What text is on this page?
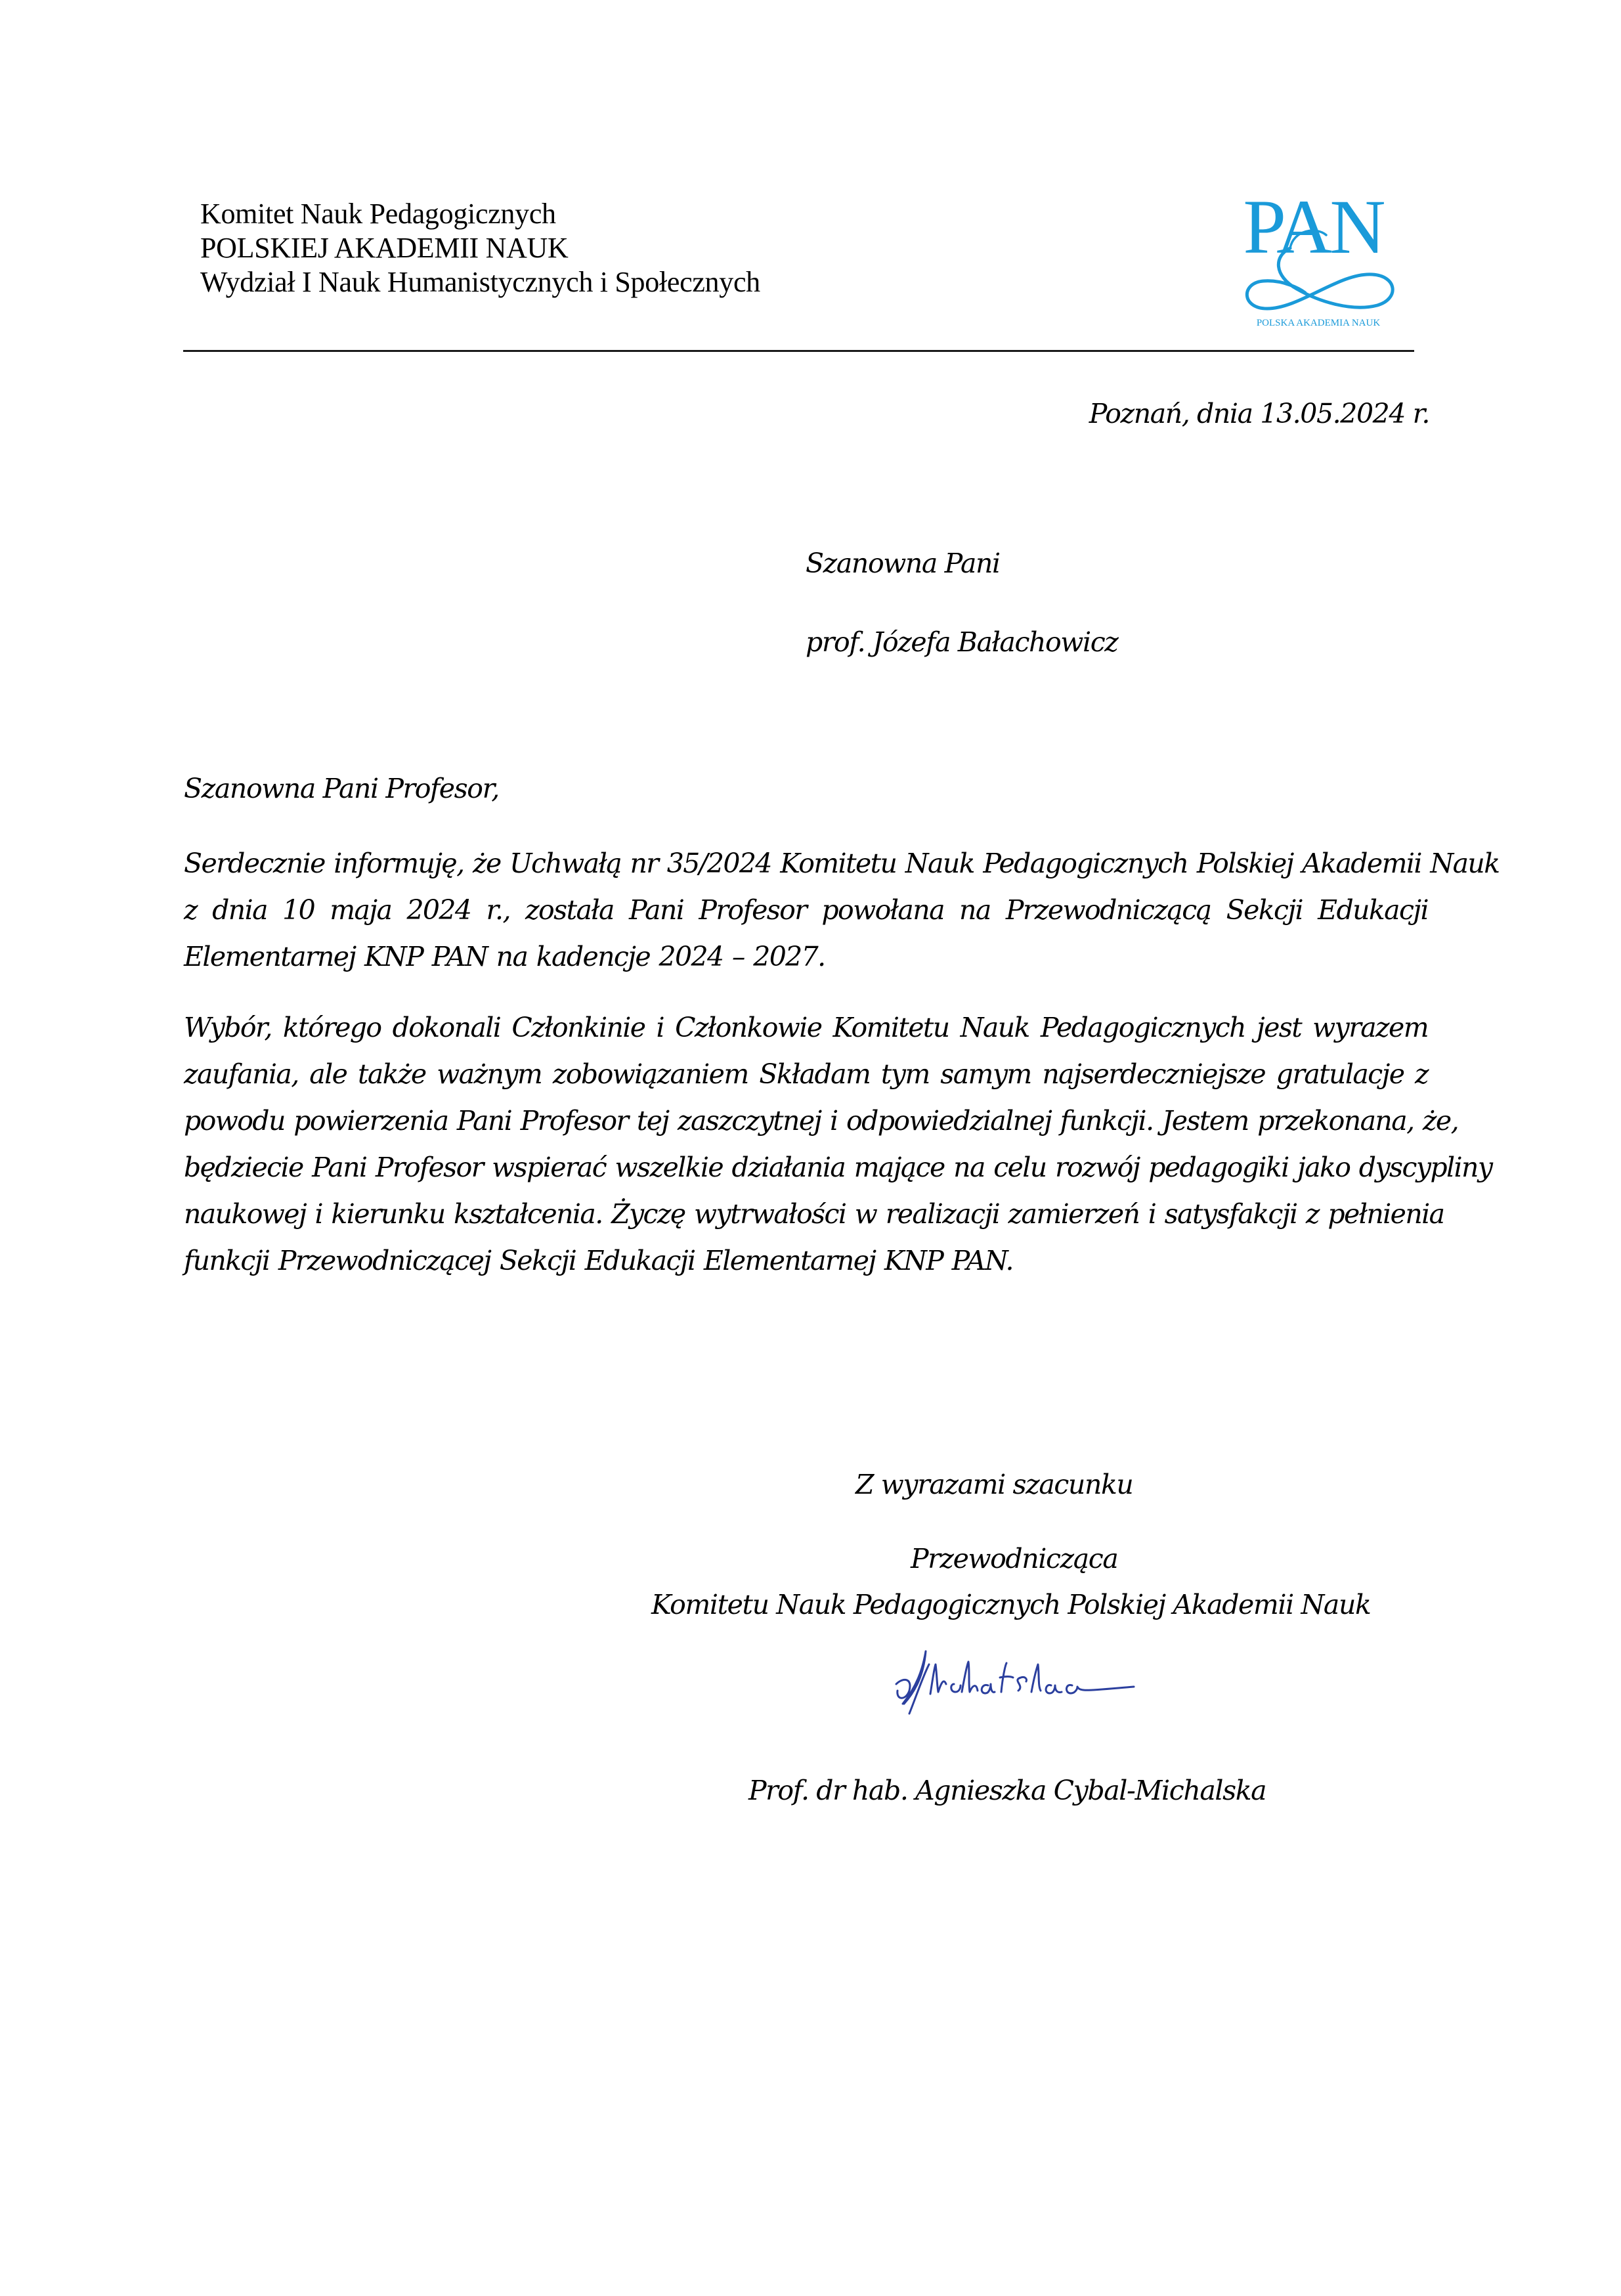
Komitet Nauk Pedagogicznych
POLSKIEJ AKADEMII NAUK
Wydział I Nauk Humanistycznych i Społecznych
PAN
POLSKA AKADEMIA NAUK
Poznań, dnia 13.05.2024 r.
Szanowna Pani
prof. Józefa Bałachowicz
Szanowna Pani Profesor,
Serdecznie informuję, że Uchwałą nr 35/2024 Komitetu Nauk Pedagogicznych Polskiej Akademii Nauk
z dnia 10 maja 2024 r., została Pani Profesor powołana na Przewodniczącą Sekcji Edukacji
Elementarnej KNP PAN na kadencje 2024 – 2027.
Wybór, którego dokonali Członkinie i Członkowie Komitetu Nauk Pedagogicznych jest wyrazem
zaufania, ale także ważnym zobowiązaniem Składam tym samym najserdeczniejsze gratulacje z
powodu powierzenia Pani Profesor tej zaszczytnej i odpowiedzialnej funkcji. Jestem przekonana, że,
będziecie Pani Profesor wspierać wszelkie działania mające na celu rozwój pedagogiki jako dyscypliny
naukowej i kierunku kształcenia. Życzę wytrwałości w realizacji zamierzeń i satysfakcji z pełnienia
funkcji Przewodniczącej Sekcji Edukacji Elementarnej KNP PAN.
Z wyrazami szacunku
Przewodnicząca
Komitetu Nauk Pedagogicznych Polskiej Akademii Nauk
Prof. dr hab. Agnieszka Cybal-Michalska
